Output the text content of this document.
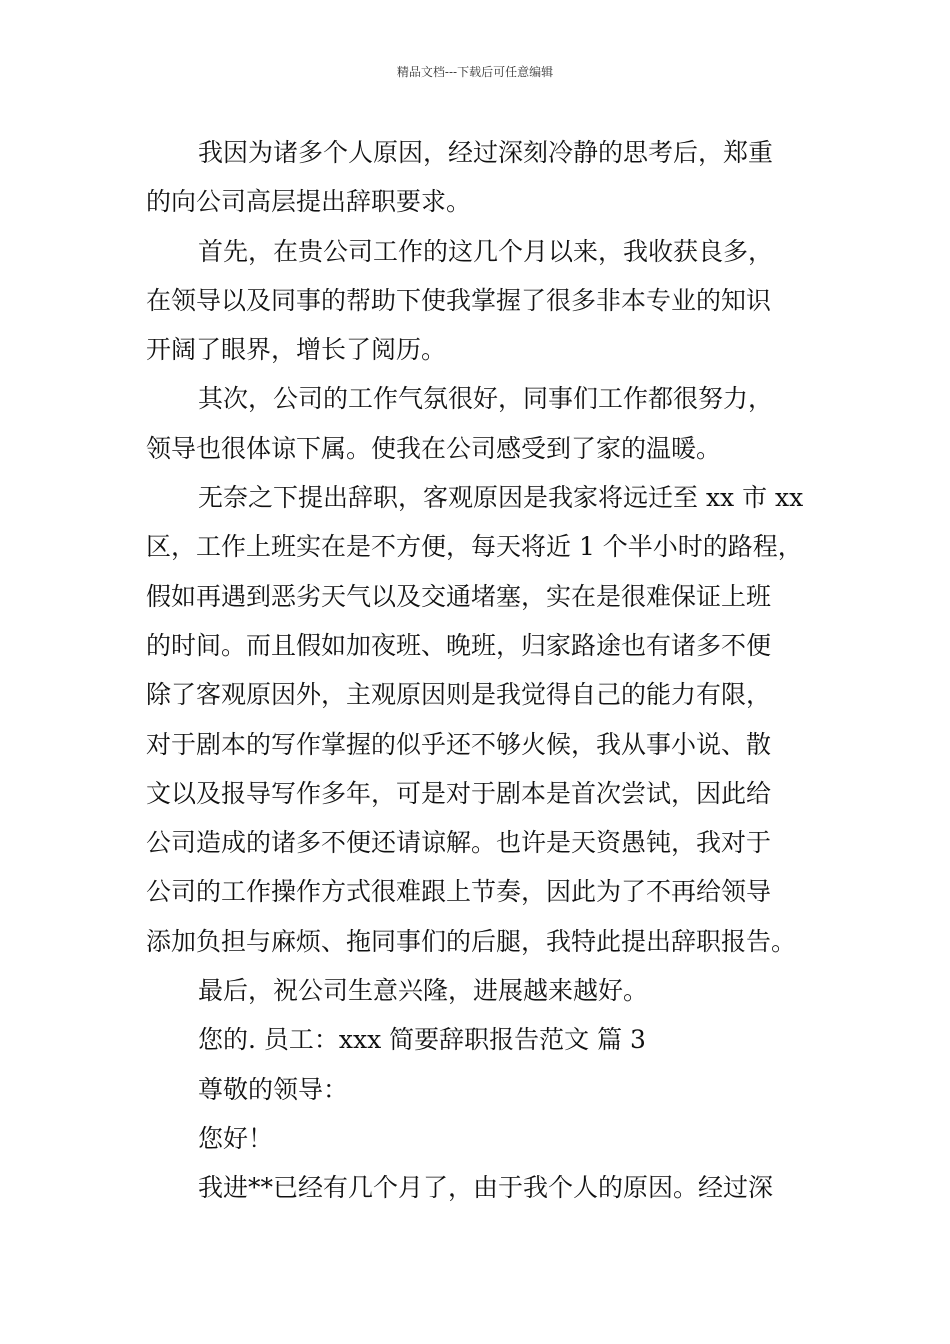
精品文档---下载后可任意编辑
我因为诸多个人原因，经过深刻冷静的思考后，郑重
的向公司高层提出辞职要求。
首先，在贵公司工作的这几个月以来，我收获良多，
在领导以及同事的帮助下使我掌握了很多非本专业的知识
开阔了眼界，增长了阅历。
其次，公司的工作气氛很好，同事们工作都很努力，
领导也很体谅下属。使我在公司感受到了家的温暖。
无奈之下提出辞职，客观原因是我家将远迁至 xx 市 xx
区，工作上班实在是不方便，每天将近 1 个半小时的路程，
假如再遇到恶劣天气以及交通堵塞，实在是很难保证上班
的时间。而且假如加夜班、晚班，归家路途也有诸多不便
除了客观原因外，主观原因则是我觉得自己的能力有限，
对于剧本的写作掌握的似乎还不够火候，我从事小说、散
文以及报导写作多年，可是对于剧本是首次尝试，因此给
公司造成的诸多不便还请谅解。也许是天资愚钝，我对于
公司的工作操作方式很难跟上节奏，因此为了不再给领导
添加负担与麻烦、拖同事们的后腿，我特此提出辞职报告。
最后，祝公司生意兴隆，进展越来越好。
您的. 员工：xxx 简要辞职报告范文 篇 3
尊敬的领导：
您好！
我进**已经有几个月了，由于我个人的原因。经过深
